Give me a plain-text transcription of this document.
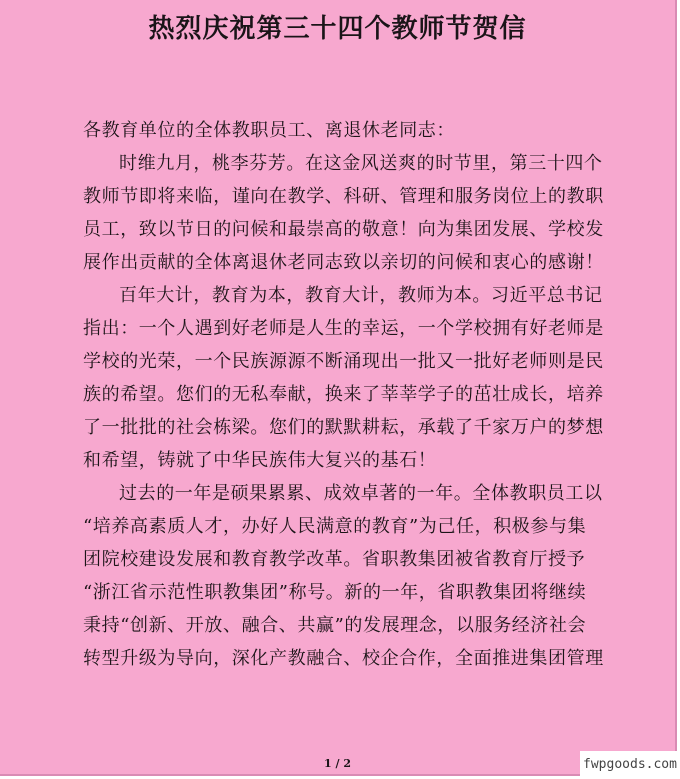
热烈庆祝第三十四个教师节贺信
各教育单位的全体教职员工、离退休老同志：
时维九月，桃李芬芳。在这金风送爽的时节里，第三十四个
教师节即将来临，谨向在教学、科研、管理和服务岗位上的教职
员工，致以节日的问候和最崇高的敬意！向为集团发展、学校发
展作出贡献的全体离退休老同志致以亲切的问候和衷心的感谢！
百年大计，教育为本，教育大计，教师为本。习近平总书记
指出：一个人遇到好老师是人生的幸运，一个学校拥有好老师是
学校的光荣，一个民族源源不断涌现出一批又一批好老师则是民
族的希望。您们的无私奉献，换来了莘莘学子的茁壮成长，培养
了一批批的社会栋梁。您们的默默耕耘，承载了千家万户的梦想
和希望，铸就了中华民族伟大复兴的基石！
过去的一年是硕果累累、成效卓著的一年。全体教职员工以
“培养高素质人才，办好人民满意的教育”为己任，积极参与集
团院校建设发展和教育教学改革。省职教集团被省教育厅授予
“浙江省示范性职教集团”称号。新的一年，省职教集团将继续
秉持“创新、开放、融合、共赢”的发展理念，以服务经济社会
转型升级为导向，深化产教融合、校企合作，全面推进集团管理
1 / 2	fwpgoods.com
